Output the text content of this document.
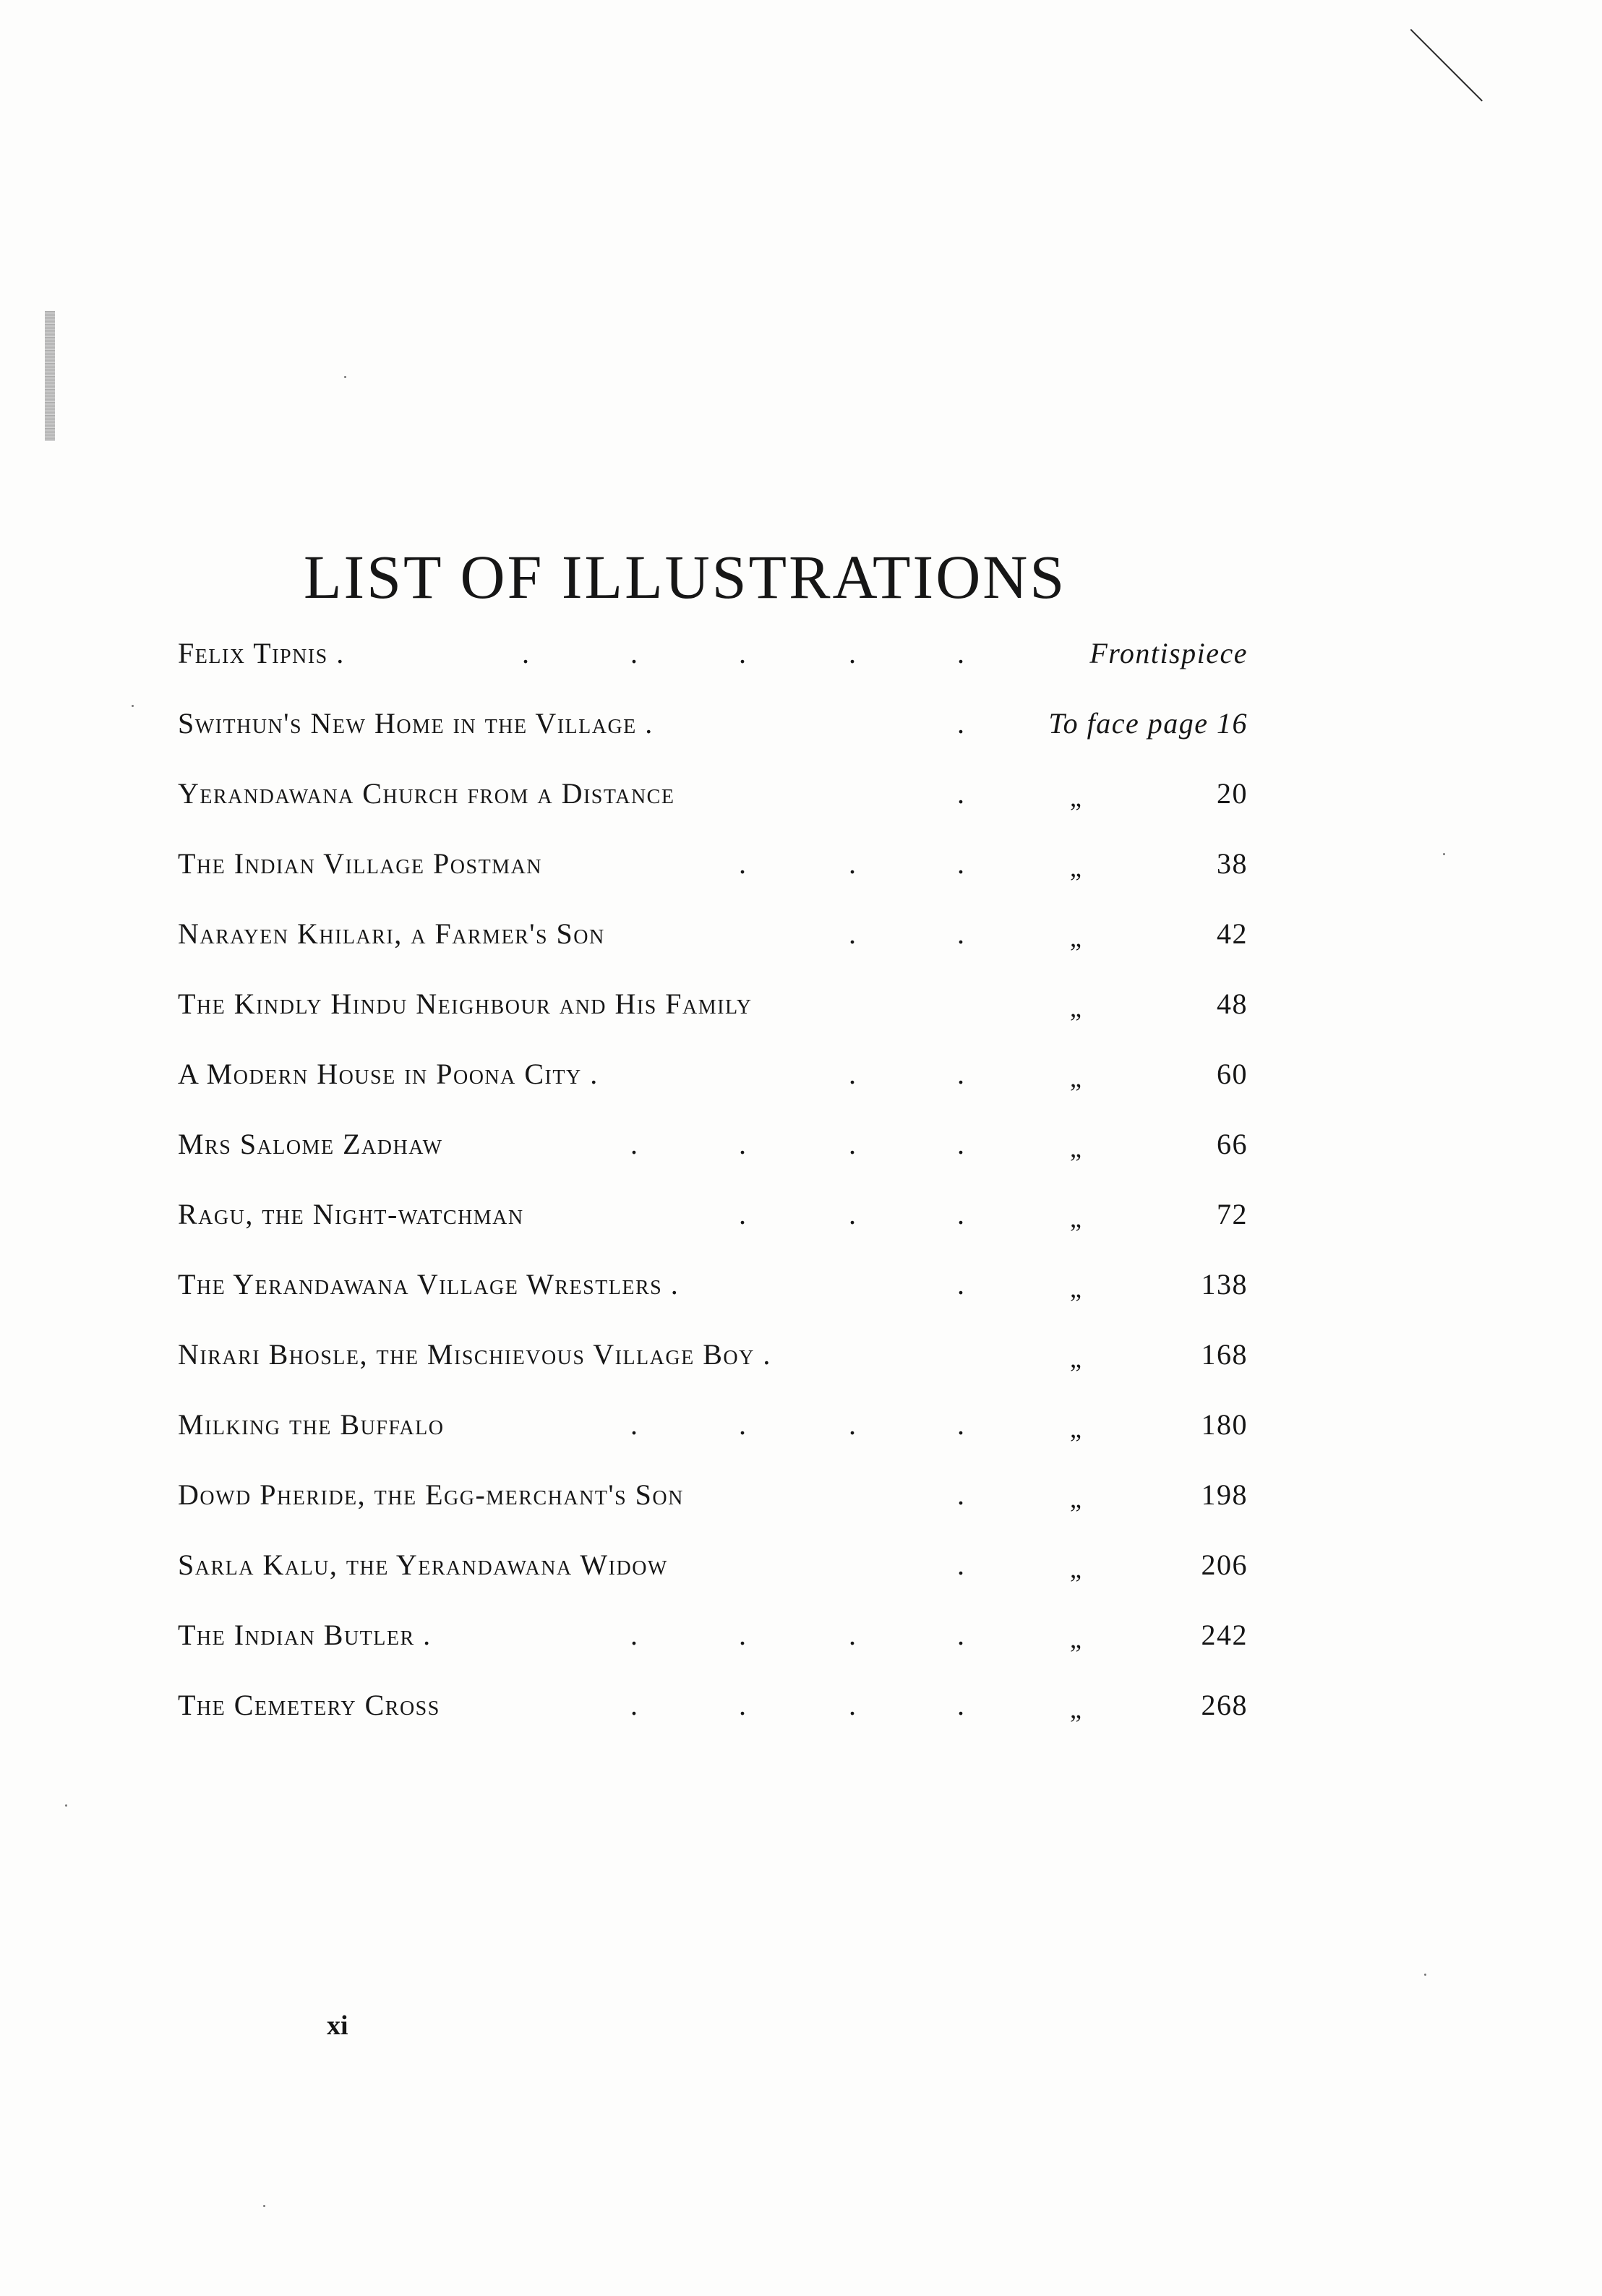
LIST OF ILLUSTRATIONS
Felix Tipnis .	Frontispiece
.
.
.
.
.
Swithun's New Home in the Village .	To face page 16
.
Yerandawana Church from a Distance	„	20
.
The Indian Village Postman	„	38
.
.
.
Narayen Khilari, a Farmer's Son	„	42
.
.
The Kindly Hindu Neighbour and His Family	„	48
A Modern House in Poona City .	„	60
.
.
Mrs Salome Zadhaw	„	66
.
.
.
.
Ragu, the Night-watchman	„	72
.
.
.
The Yerandawana Village Wrestlers .	„	138
.
Nirari Bhosle, the Mischievous Village Boy .	„	168
Milking the Buffalo	„	180
.
.
.
.
Dowd Pheride, the Egg-merchant's Son	„	198
.
Sarla Kalu, the Yerandawana Widow	„	206
.
The Indian Butler .	„	242
.
.
.
.
The Cemetery Cross	„	268
.
.
.
.
xi
